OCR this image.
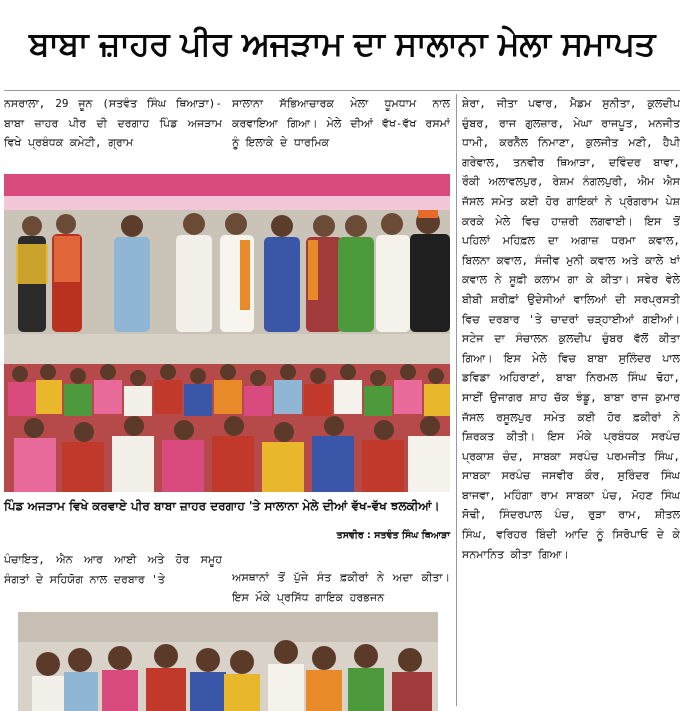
ਬਾਬਾ ਜ਼ਾਹਰ ਪੀਰ ਅਜੜਾਮ ਦਾ ਸਾਲਾਨਾ ਮੇਲਾ ਸਮਾਪਤ
ਨਸਰਾਲਾ, 29 ਜੂਨ (ਸਤਵੰਤ ਸਿੰਘ ਥਿਆੜਾ)-ਬਾਬਾ ਜ਼ਾਹਰ ਪੀਰ ਦੀ ਦਰਗਾਹ ਪਿੰਡ ਅਜੜਾਮ ਵਿਖੇ ਪ੍ਰਬੰਧਕ ਕਮੇਟੀ, ਗ੍ਰਾਮ
ਸਾਲਾਨਾ ਸੱਭਿਆਚਾਰਕ ਮੇਲਾ ਧੂਮਧਾਮ ਨਾਲ ਕਰਵਾਇਆ ਗਿਆ। ਮੇਲੇ ਦੀਆਂ ਵੱਖ-ਵੱਖ ਰਸਮਾਂ ਨੂੰ ਇਲਾਕੇ ਦੇ ਧਾਰਮਿਕ
ਸ਼ੇਰਾ, ਜੀਤਾ ਪਵਾਰ, ਮੈਡਮ ਸੁਨੀਤਾ, ਕੁਲਦੀਪ ਚੁੰਬਰ, ਰਾਜ ਗੁਲਜ਼ਾਰ, ਮੇਘਾ ਰਾਜਪੂਤ, ਮਨਜੀਤ ਧਾਮੀ, ਕਰਨੈਲ ਨਿਮਾਣਾ, ਕੁਲਜੀਤ ਮਣੀ, ਹੈਪੀ ਗਰੇਵਾਲ, ਤਨਵੀਰ ਥਿਆੜਾ, ਦਵਿੰਦਰ ਬਾਵਾ, ਰੌਕੀ ਅਲਾਵਲਪੁਰ, ਰੇਸ਼ਮ ਨੰਗਲਪੁਰੀ, ਐਮ ਐਸ ਜੱਸਲ ਸਮੇਤ ਕਈ ਹੋਰ ਗਾਇਕਾਂ ਨੇ ਪ੍ਰੋਗਰਾਮ ਪੇਸ਼ ਕਰਕੇ ਮੇਲੇ ਵਿਚ ਹਾਜ਼ਰੀ ਲਗਵਾਈ। ਇਸ ਤੋਂ ਪਹਿਲਾਂ ਮਹਿਫ਼ਲ ਦਾ ਅਗਾਜ਼ ਧਰਮਾ ਕਵਾਲ, ਬਿਲਨਾ ਕਵਾਲ, ਸੰਜੀਵ ਮੁਨੀ ਕਵਾਲ ਅਤੇ ਕਾਲੇ ਖਾਂ ਕਵਾਲ ਨੇ ਸੂਫ਼ੀ ਕਲਾਮ ਗਾ ਕੇ ਕੀਤਾ। ਸਵੇਰ ਵੇਲੇ ਬੀਬੀ ਸ਼ਰੀਫ਼ਾਂ ਉਦੇਸੀਆਂ ਵਾਲਿਆਂ ਦੀ ਸਰਪ੍ਰਸਤੀ ਵਿਚ ਦਰਬਾਰ 'ਤੇ ਚਾਦਰਾਂ ਚੜ੍ਹਾਈਆਂ ਗਈਆਂ। ਸਟੇਜ ਦਾ ਸੰਚਾਲਨ ਕੁਲਦੀਪ ਚੁੰਬਰ ਵੱਲੋਂ ਕੀਤਾ ਗਿਆ। ਇਸ ਮੇਲੇ ਵਿਚ ਬਾਬਾ ਸੁਲਿੰਦਰ ਪਾਲ ਡਵਿਡਾ ਅਹਿਰਾਣਾਂ, ਬਾਬਾ ਨਿਰਮਲ ਸਿੰਘ ਢੋਹਾ, ਸਾਈਂ ਉਜਾਗਰ ਸ਼ਾਹ ਚੱਕ ਝੰਡੂ, ਬਾਬਾ ਰਾਜ ਕੁਮਾਰ ਜੱਸਲ ਰਸੂਲਪੁਰ ਸਮੇਤ ਕਈ ਹੋਰ ਫ਼ਕੀਰਾਂ ਨੇ ਸ਼ਿਰਕਤ ਕੀਤੀ। ਇਸ ਮੌਕੇ ਪ੍ਰਬੰਧਕ ਸਰਪੰਚ ਪ੍ਰਕਾਸ਼ ਚੰਦ, ਸਾਬਕਾ ਸਰਪੰਚ ਪਰਮਜੀਤ ਸਿੰਘ, ਸਾਬਕਾ ਸਰਪੰਚ ਜਸਵੀਰ ਕੌਰ, ਸੁਰਿੰਦਰ ਸਿੰਘ ਬਾਜਵਾ, ਮਹਿੰਗਾ ਰਾਮ ਸਾਬਕਾ ਪੰਚ, ਮੋਹਣ ਸਿੰਘ ਸੋਢੀ, ਸਿੰਦਰਪਾਲ ਪੰਚ, ਰੁੜਾ ਰਾਮ, ਸ਼ੀਤਲ ਸਿੰਘ, ਵਰਿਹਰ ਬਿੰਦੀ ਆਦਿ ਨੂੰ ਸਿਰੋਪਾਓ ਦੇ ਕੇ ਸਨਮਾਨਿਤ ਕੀਤਾ ਗਿਆ।
ਪਿੰਡ ਅਜੜਾਮ ਵਿਖੇ ਕਰਵਾਏ ਪੀਰ ਬਾਬਾ ਜ਼ਾਹਰ ਦਰਗਾਹ 'ਤੇ ਸਾਲਾਨਾ ਮੇਲੇ ਦੀਆਂ ਵੱਖ-ਵੱਖ ਝਲਕੀਆਂ।
ਤਸਵੀਰ : ਸਤਵੰਤ ਸਿੰਘ ਥਿਆੜਾ
ਪੰਚਾਇਤ, ਐਨ ਆਰ ਆਈ ਅਤੇ ਹੋਰ ਸਮੂਹ ਸੰਗਤਾਂ ਦੇ ਸਹਿਯੋਗ ਨਾਲ ਦਰਬਾਰ 'ਤੇ	ਅਸਥਾਨਾਂ ਤੋਂ ਪੁੱਜੇ ਸੰਤ ਫ਼ਕੀਰਾਂ ਨੇ ਅਦਾ ਕੀਤਾ। ਇਸ ਮੌਕੇ ਪ੍ਰਸਿੱਧ ਗਾਇਕ ਹਰਭਜਨ
